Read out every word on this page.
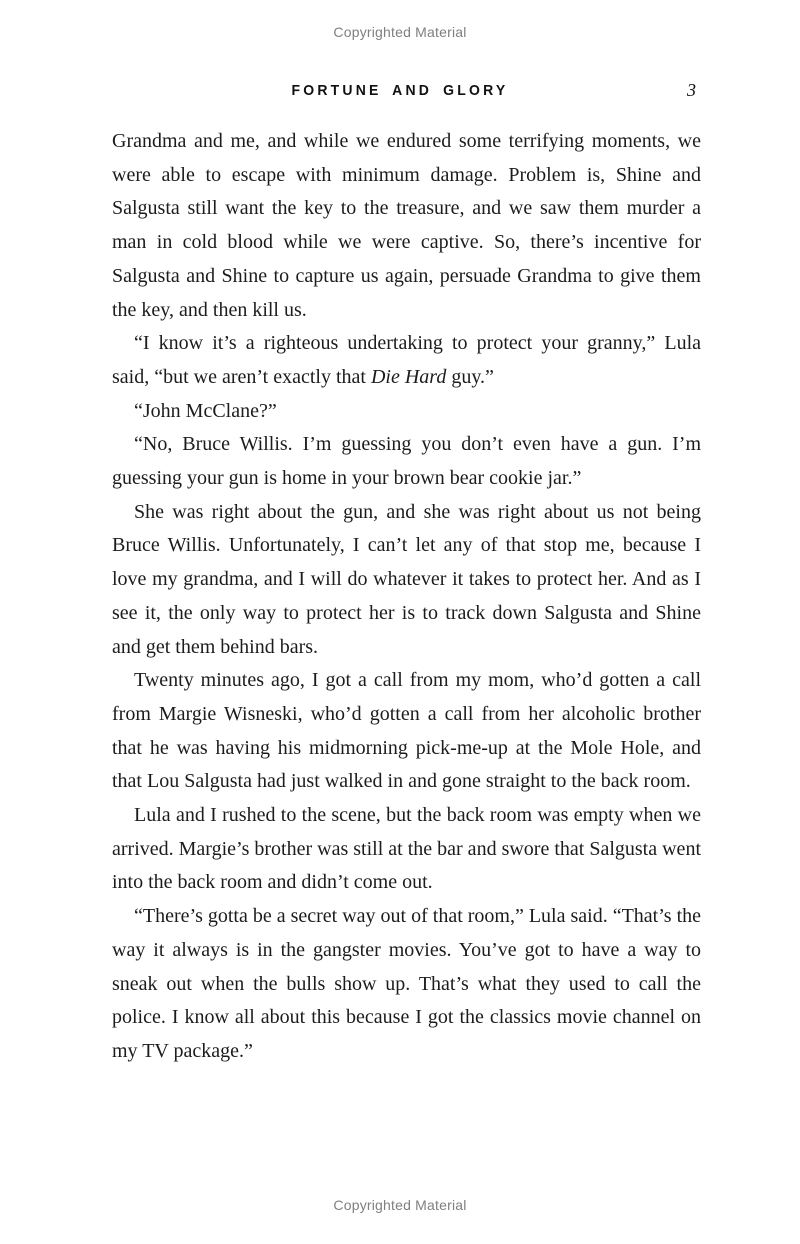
Copyrighted Material
FORTUNE AND GLORY	3

Grandma and me, and while we endured some terrifying moments, we were able to escape with minimum damage. Problem is, Shine and Salgusta still want the key to the treasure, and we saw them murder a man in cold blood while we were captive. So, there’s incentive for Salgusta and Shine to capture us again, persuade Grandma to give them the key, and then kill us.

“I know it’s a righteous undertaking to protect your granny,” Lula said, “but we aren’t exactly that Die Hard guy.”

“John McClane?”

“No, Bruce Willis. I’m guessing you don’t even have a gun. I’m guessing your gun is home in your brown bear cookie jar.”

She was right about the gun, and she was right about us not being Bruce Willis. Unfortunately, I can’t let any of that stop me, because I love my grandma, and I will do whatever it takes to protect her. And as I see it, the only way to protect her is to track down Salgusta and Shine and get them behind bars.

Twenty minutes ago, I got a call from my mom, who’d gotten a call from Margie Wisneski, who’d gotten a call from her alcoholic brother that he was having his midmorning pick-me-up at the Mole Hole, and that Lou Salgusta had just walked in and gone straight to the back room.

Lula and I rushed to the scene, but the back room was empty when we arrived. Margie’s brother was still at the bar and swore that Salgusta went into the back room and didn’t come out.

“There’s gotta be a secret way out of that room,” Lula said. “That’s the way it always is in the gangster movies. You’ve got to have a way to sneak out when the bulls show up. That’s what they used to call the police. I know all about this because I got the classics movie channel on my TV package.”

Copyrighted Material
